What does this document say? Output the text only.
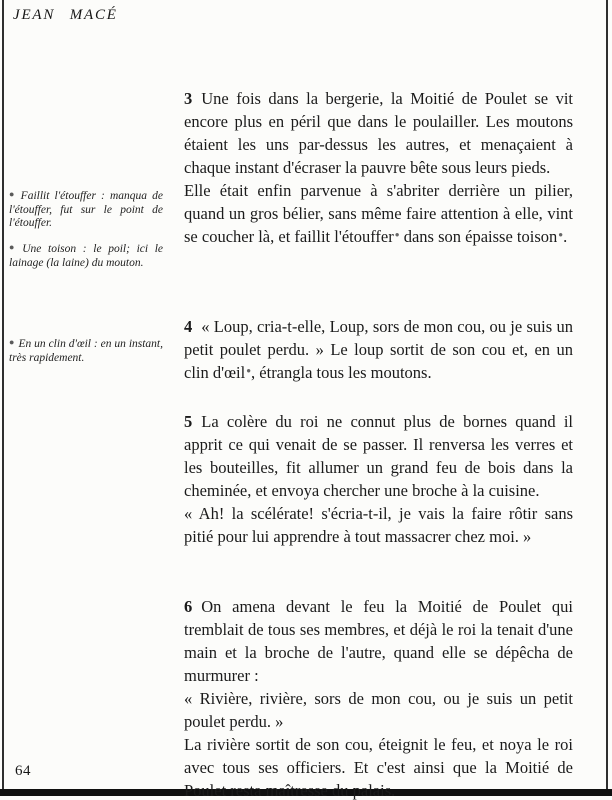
JEAN MACÉ
● Faillit l'étouffer : manqua de l'étouffer, fut sur le point de l'étouffer.
● Une toison : le poil; ici le lainage (la laine) du mouton.
● En un clin d'œil : en un instant, très rapidement.
3 Une fois dans la bergerie, la Moitié de Poulet se vit encore plus en péril que dans le poulailler. Les moutons étaient les uns par-dessus les autres, et menaçaient à chaque instant d'écraser la pauvre bête sous leurs pieds.
Elle était enfin parvenue à s'abriter derrière un pilier, quand un gros bélier, sans même faire attention à elle, vint se coucher là, et faillit l'étouffer● dans son épaisse toison●.
4 « Loup, cria-t-elle, Loup, sors de mon cou, ou je suis un petit poulet perdu. » Le loup sortit de son cou et, en un clin d'œil●, étrangla tous les moutons.
5 La colère du roi ne connut plus de bornes quand il apprit ce qui venait de se passer. Il renversa les verres et les bouteilles, fit allumer un grand feu de bois dans la cheminée, et envoya chercher une broche à la cuisine.
« Ah! la scélérate! s'écria-t-il, je vais la faire rôtir sans pitié pour lui apprendre à tout massacrer chez moi. »
6 On amena devant le feu la Moitié de Poulet qui tremblait de tous ses membres, et déjà le roi la tenait d'une main et la broche de l'autre, quand elle se dépêcha de murmurer :
« Rivière, rivière, sors de mon cou, ou je suis un petit poulet perdu. »
La rivière sortit de son cou, éteignit le feu, et noya le roi avec tous ses officiers. Et c'est ainsi que la Moitié de Poulet resta maîtresse du palais.
64
